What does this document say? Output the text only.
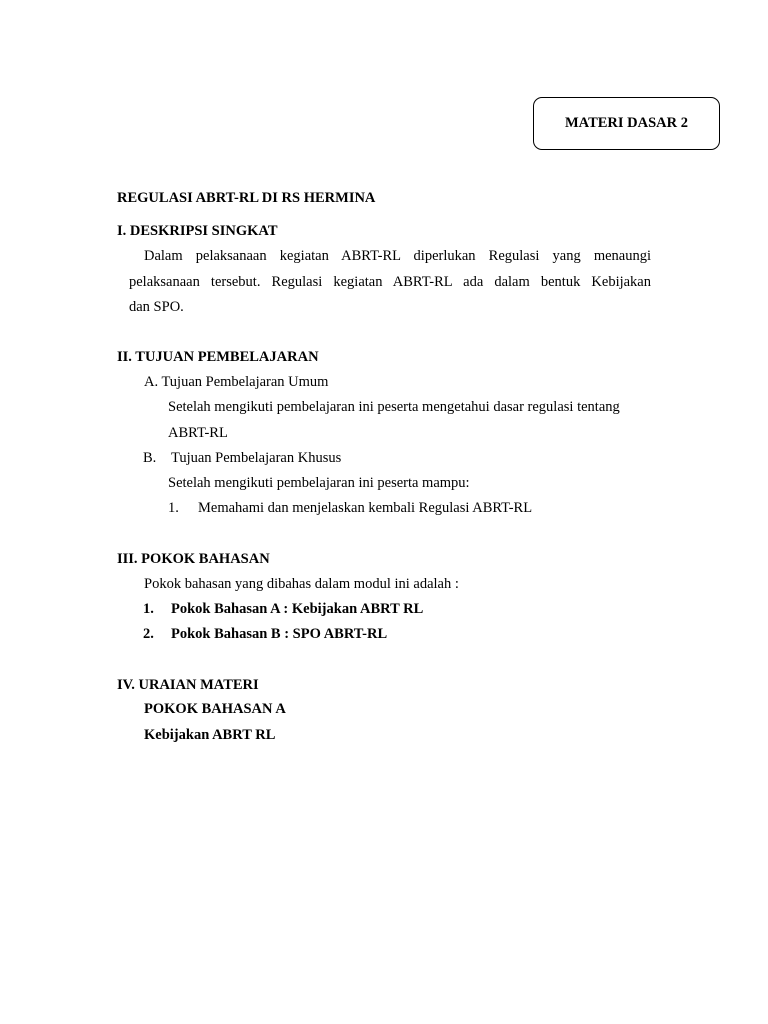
MATERI DASAR 2
REGULASI ABRT-RL DI RS HERMINA
I. DESKRIPSI SINGKAT
Dalam pelaksanaan kegiatan ABRT-RL diperlukan Regulasi yang menaungi
pelaksanaan tersebut. Regulasi kegiatan ABRT-RL ada dalam bentuk Kebijakan
dan SPO.
II. TUJUAN PEMBELAJARAN
A. Tujuan Pembelajaran Umum
Setelah mengikuti pembelajaran ini peserta mengetahui dasar regulasi tentang
ABRT-RL
B. Tujuan Pembelajaran Khusus
Setelah mengikuti pembelajaran ini peserta mampu:
1. Memahami dan menjelaskan kembali Regulasi ABRT-RL
III. POKOK BAHASAN
Pokok bahasan yang dibahas dalam modul ini adalah :
1. Pokok Bahasan A : Kebijakan ABRT RL
2. Pokok Bahasan B : SPO ABRT-RL
IV. URAIAN MATERI
POKOK BAHASAN A
Kebijakan ABRT RL
